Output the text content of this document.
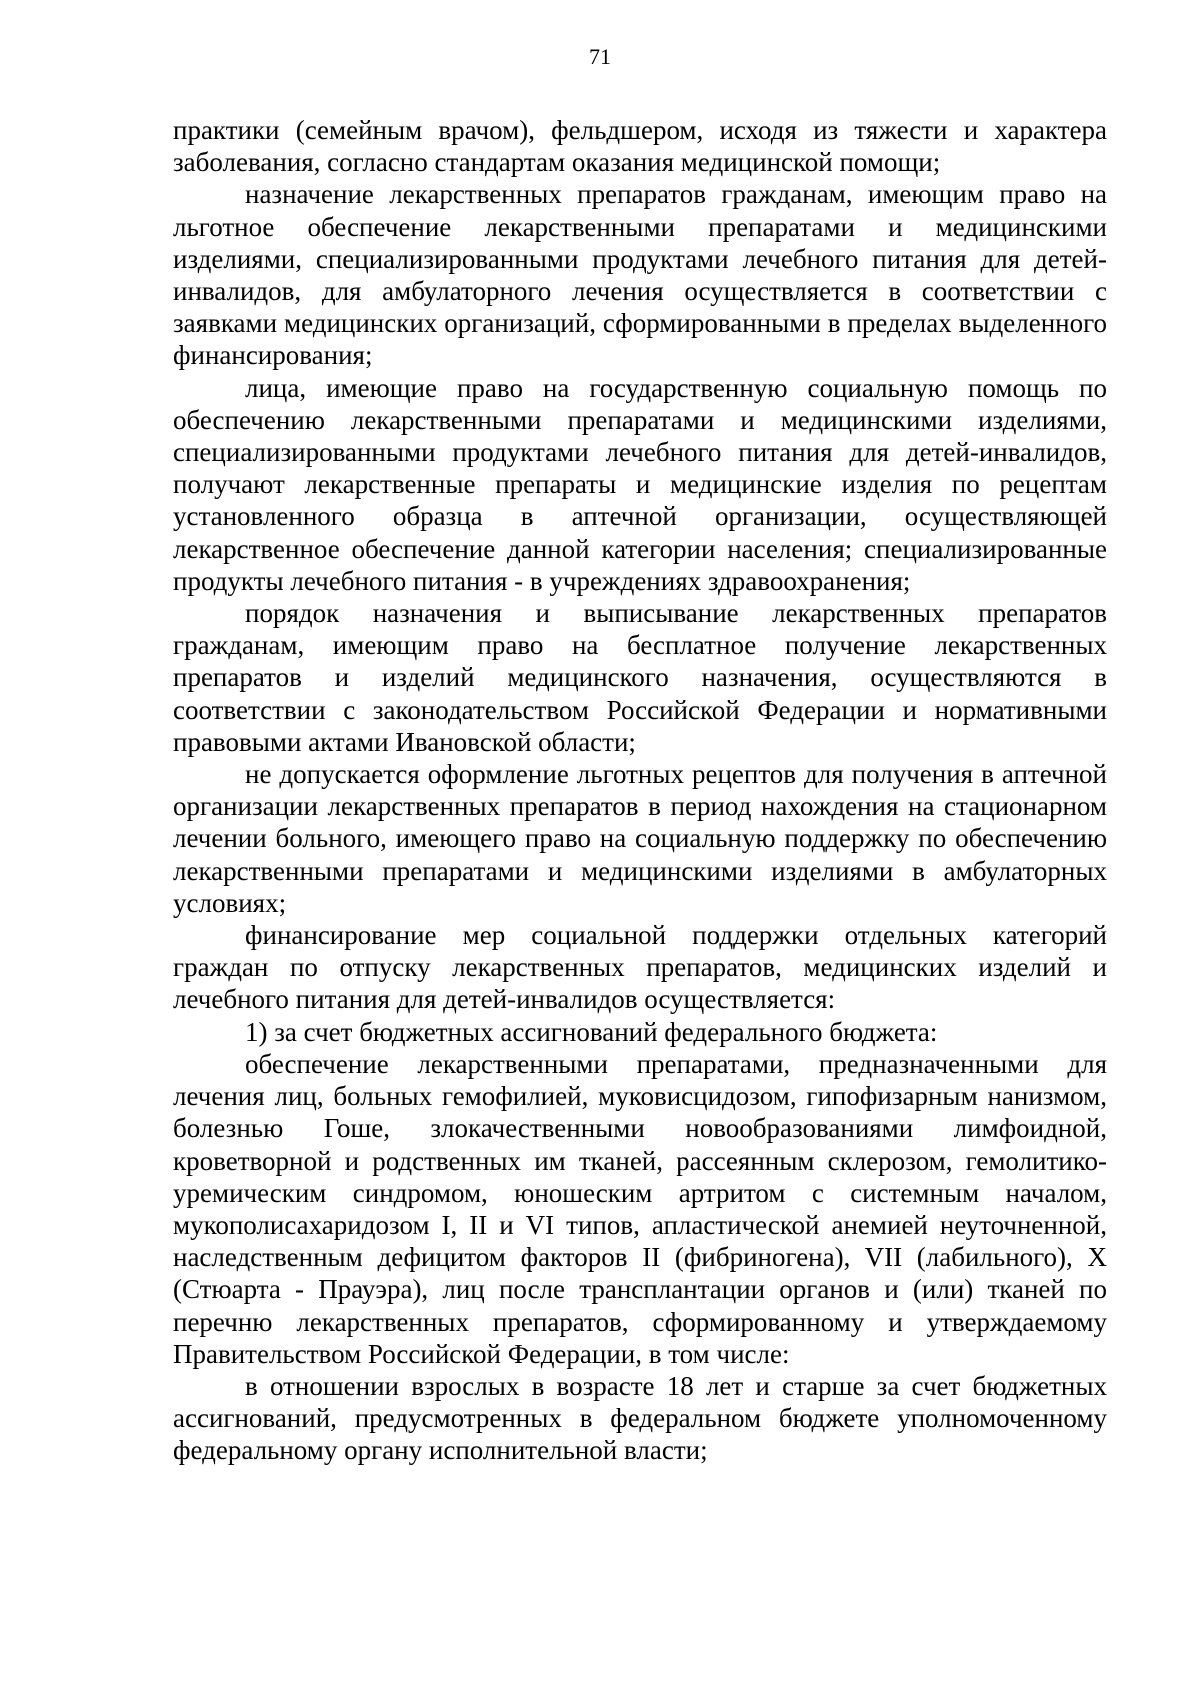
71

практики (семейным врачом), фельдшером, исходя из тяжести и характера заболевания, согласно стандартам оказания медицинской помощи;

назначение лекарственных препаратов гражданам, имеющим право на льготное обеспечение лекарственными препаратами и медицинскими изделиями, специализированными продуктами лечебного питания для детей-инвалидов, для амбулаторного лечения осуществляется в соответствии с заявками медицинских организаций, сформированными в пределах выделенного финансирования;

лица, имеющие право на государственную социальную помощь по обеспечению лекарственными препаратами и медицинскими изделиями, специализированными продуктами лечебного питания для детей-инвалидов, получают лекарственные препараты и медицинские изделия по рецептам установленного образца в аптечной организации, осуществляющей лекарственное обеспечение данной категории населения; специализированные продукты лечебного питания - в учреждениях здравоохранения;

порядок назначения и выписывание лекарственных препаратов гражданам, имеющим право на бесплатное получение лекарственных препаратов и изделий медицинского назначения, осуществляются в соответствии с законодательством Российской Федерации и нормативными правовыми актами Ивановской области;

не допускается оформление льготных рецептов для получения в аптечной организации лекарственных препаратов в период нахождения на стационарном лечении больного, имеющего право на социальную поддержку по обеспечению лекарственными препаратами и медицинскими изделиями в амбулаторных условиях;

финансирование мер социальной поддержки отдельных категорий граждан по отпуску лекарственных препаратов, медицинских изделий и лечебного питания для детей-инвалидов осуществляется:

1) за счет бюджетных ассигнований федерального бюджета:

обеспечение лекарственными препаратами, предназначенными для лечения лиц, больных гемофилией, муковисцидозом, гипофизарным нанизмом, болезнью Гоше, злокачественными новообразованиями лимфоидной, кроветворной и родственных им тканей, рассеянным склерозом, гемолитико-уремическим синдромом, юношеским артритом с системным началом, мукополисахаридозом I, II и VI типов, апластической анемией неуточненной, наследственным дефицитом факторов II (фибриногена), VII (лабильного), X (Стюарта - Прауэра), лиц после трансплантации органов и (или) тканей по перечню лекарственных препаратов, сформированному и утверждаемому Правительством Российской Федерации, в том числе:

в отношении взрослых в возрасте 18 лет и старше за счет бюджетных ассигнований, предусмотренных в федеральном бюджете уполномоченному федеральному органу исполнительной власти;
